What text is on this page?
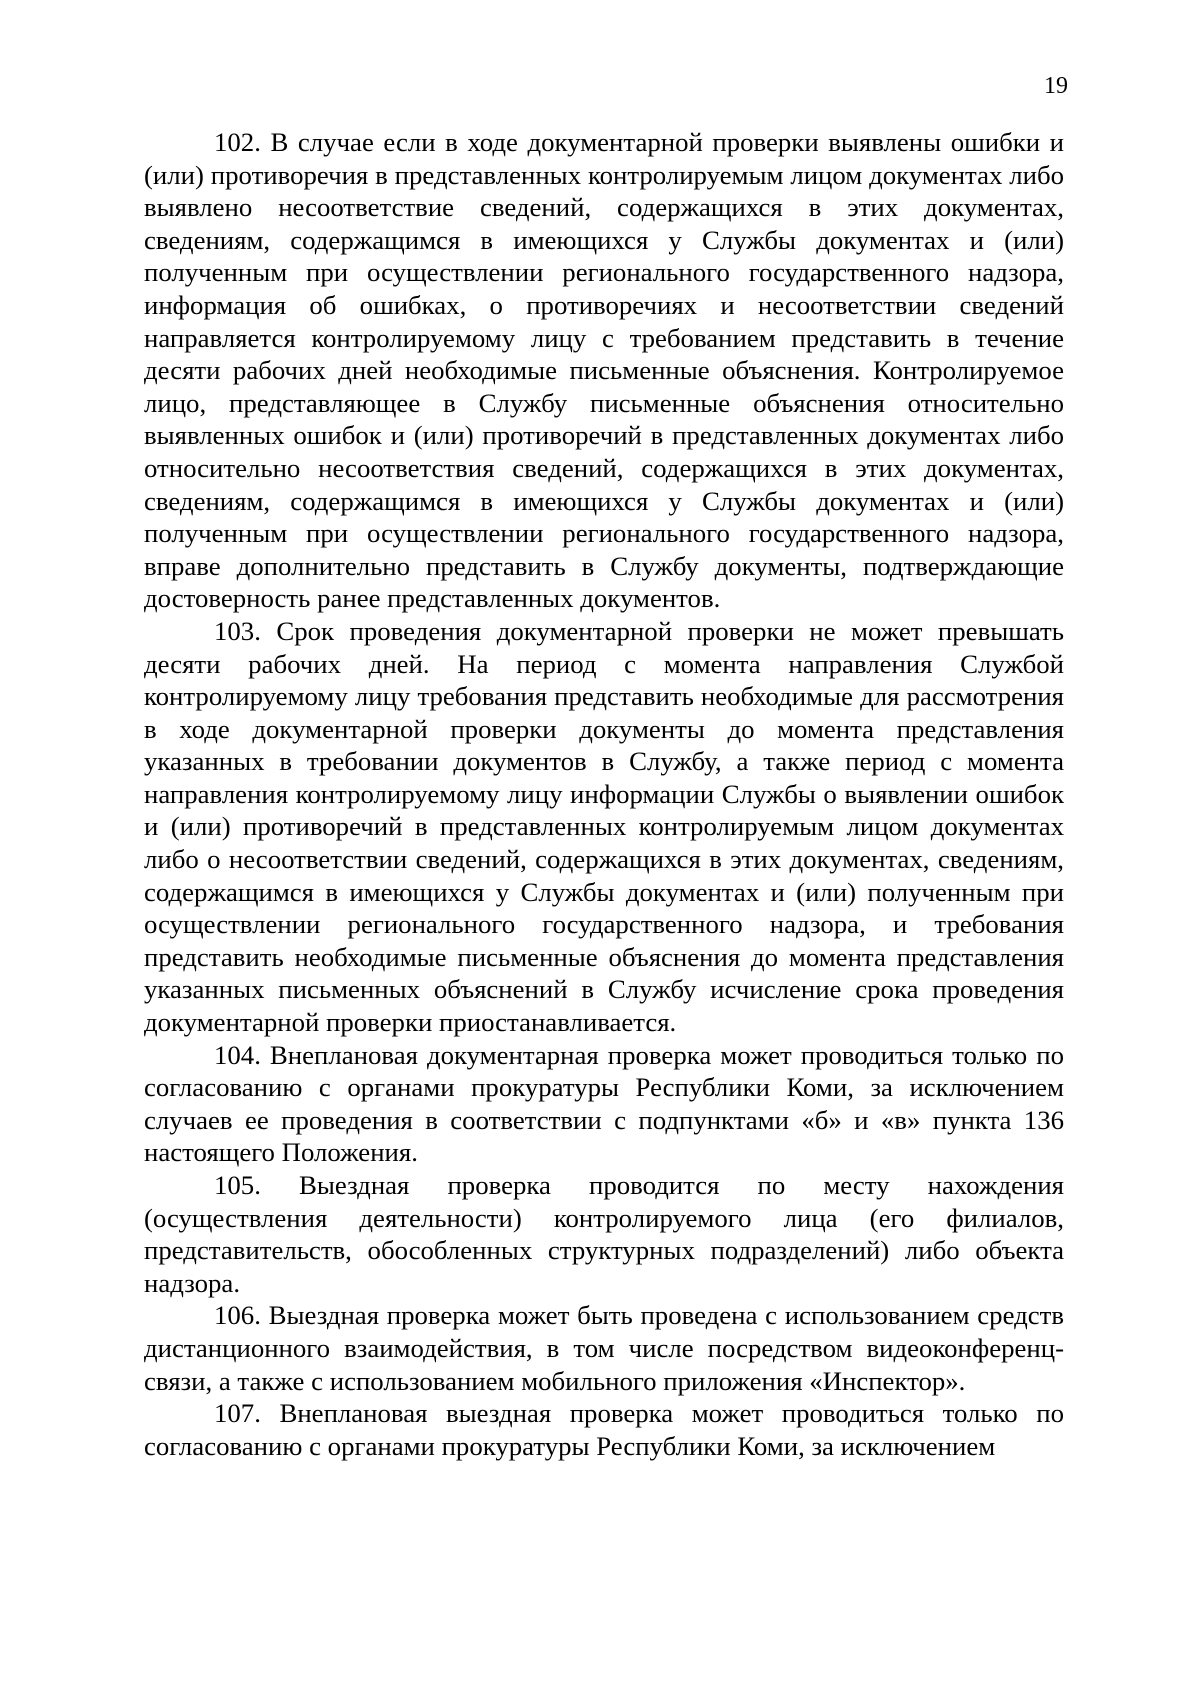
19

102. В случае если в ходе документарной проверки выявлены ошибки и (или) противоречия в представленных контролируемым лицом документах либо выявлено несоответствие сведений, содержащихся в этих документах, сведениям, содержащимся в имеющихся у Службы документах и (или) полученным при осуществлении регионального государственного надзора, информация об ошибках, о противоречиях и несоответствии сведений направляется контролируемому лицу с требованием представить в течение десяти рабочих дней необходимые письменные объяснения. Контролируемое лицо, представляющее в Службу письменные объяснения относительно выявленных ошибок и (или) противоречий в представленных документах либо относительно несоответствия сведений, содержащихся в этих документах, сведениям, содержащимся в имеющихся у Службы документах и (или) полученным при осуществлении регионального государственного надзора, вправе дополнительно представить в Службу документы, подтверждающие достоверность ранее представленных документов.

103. Срок проведения документарной проверки не может превышать десяти рабочих дней. На период с момента направления Службой контролируемому лицу требования представить необходимые для рассмотрения в ходе документарной проверки документы до момента представления указанных в требовании документов в Службу, а также период с момента направления контролируемому лицу информации Службы о выявлении ошибок и (или) противоречий в представленных контролируемым лицом документах либо о несоответствии сведений, содержащихся в этих документах, сведениям, содержащимся в имеющихся у Службы документах и (или) полученным при осуществлении регионального государственного надзора, и требования представить необходимые письменные объяснения до момента представления указанных письменных объяснений в Службу исчисление срока проведения документарной проверки приостанавливается.

104. Внеплановая документарная проверка может проводиться только по согласованию с органами прокуратуры Республики Коми, за исключением случаев ее проведения в соответствии с подпунктами «б» и «в» пункта 136 настоящего Положения.

105. Выездная проверка проводится по месту нахождения (осуществления деятельности) контролируемого лица (его филиалов, представительств, обособленных структурных подразделений) либо объекта надзора.

106. Выездная проверка может быть проведена с использованием средств дистанционного взаимодействия, в том числе посредством видеоконференц-связи, а также с использованием мобильного приложения «Инспектор».

107. Внеплановая выездная проверка может проводиться только по согласованию с органами прокуратуры Республики Коми, за исключением
